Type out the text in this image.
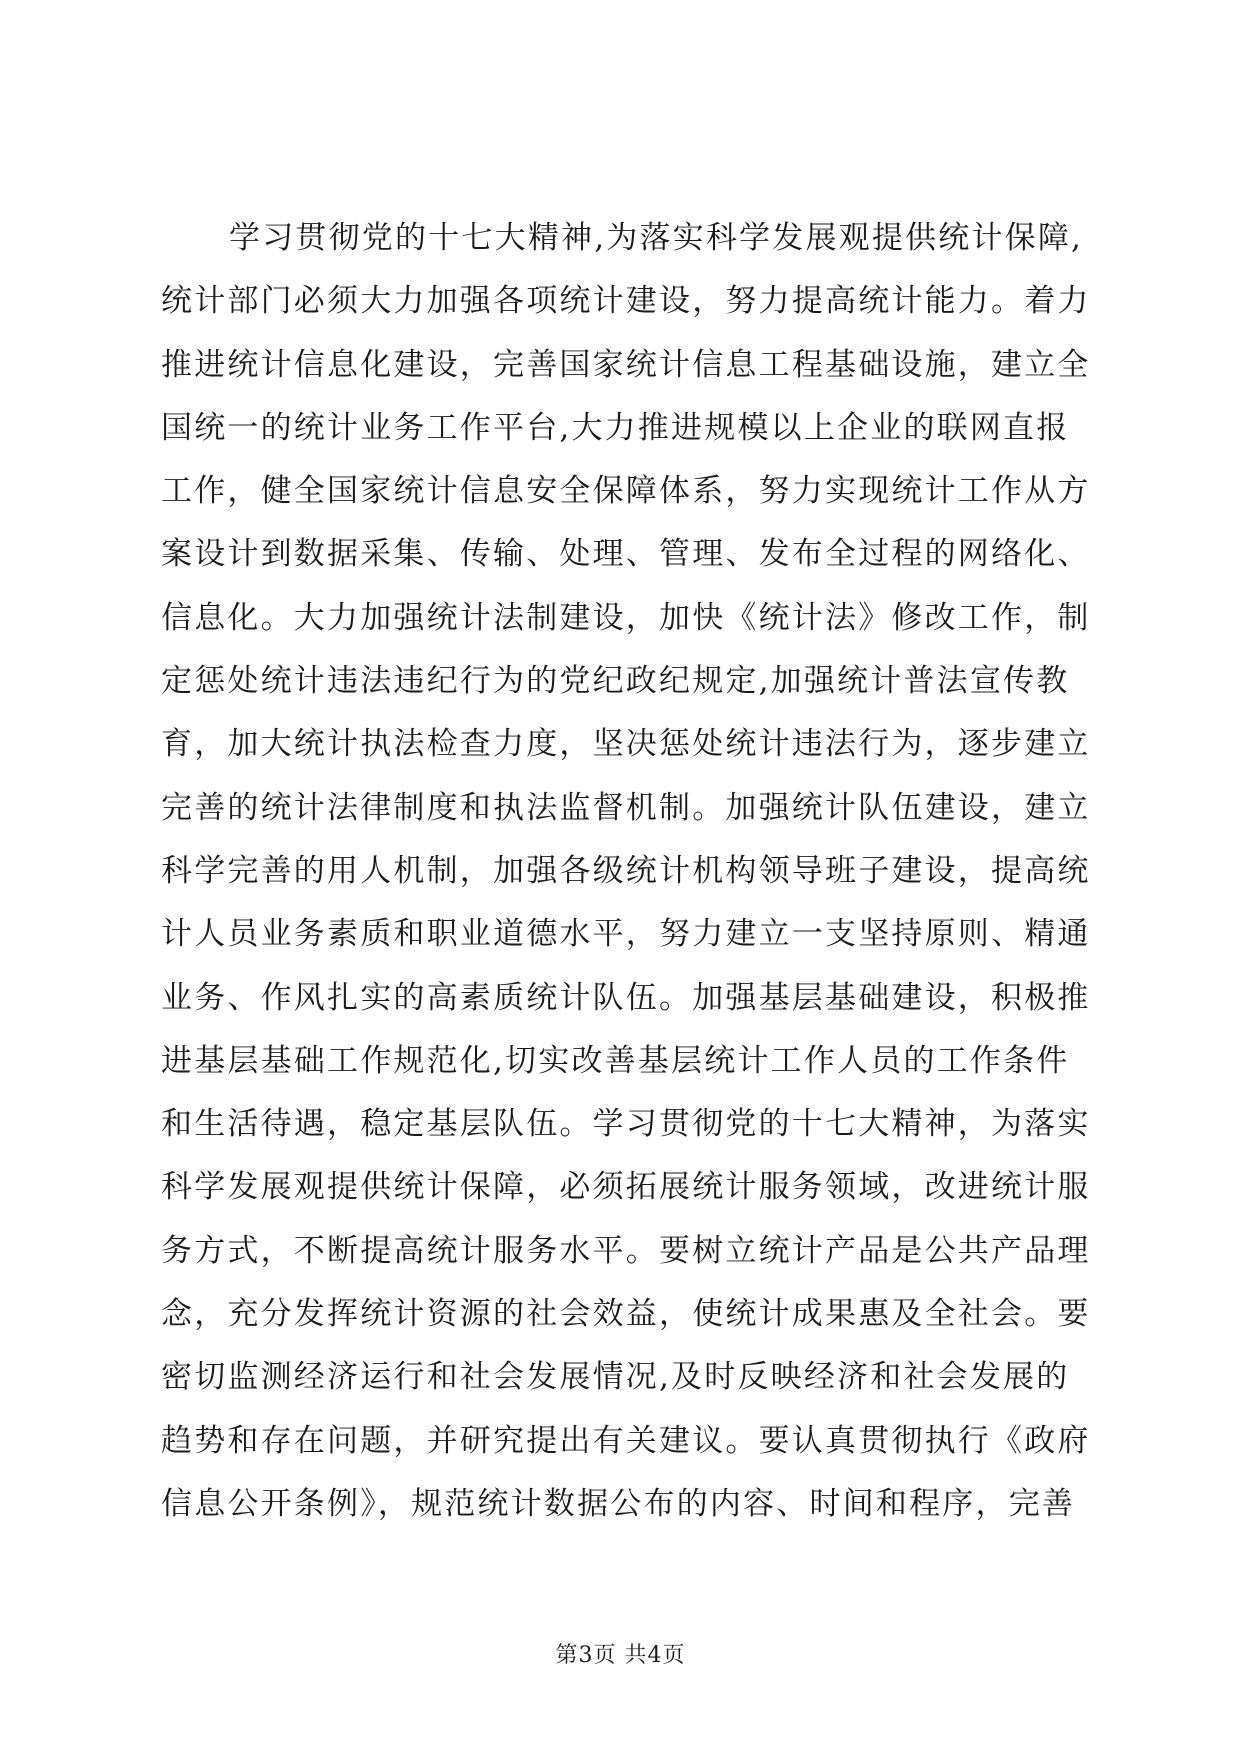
学习贯彻党的十七大精神,为落实科学发展观提供统计保障,
统计部门必须大力加强各项统计建设，努力提高统计能力。着力
推进统计信息化建设，完善国家统计信息工程基础设施，建立全
国统一的统计业务工作平台,大力推进规模以上企业的联网直报
工作，健全国家统计信息安全保障体系，努力实现统计工作从方
案设计到数据采集、传输、处理、管理、发布全过程的网络化、
信息化。大力加强统计法制建设，加快《统计法》修改工作，制
定惩处统计违法违纪行为的党纪政纪规定,加强统计普法宣传教
育，加大统计执法检查力度，坚决惩处统计违法行为，逐步建立
完善的统计法律制度和执法监督机制。加强统计队伍建设，建立
科学完善的用人机制，加强各级统计机构领导班子建设，提高统
计人员业务素质和职业道德水平，努力建立一支坚持原则、精通
业务、作风扎实的高素质统计队伍。加强基层基础建设，积极推
进基层基础工作规范化,切实改善基层统计工作人员的工作条件
和生活待遇，稳定基层队伍。学习贯彻党的十七大精神，为落实
科学发展观提供统计保障，必须拓展统计服务领域，改进统计服
务方式，不断提高统计服务水平。要树立统计产品是公共产品理
念，充分发挥统计资源的社会效益，使统计成果惠及全社会。要
密切监测经济运行和社会发展情况,及时反映经济和社会发展的
趋势和存在问题，并研究提出有关建议。要认真贯彻执行《政府
信息公开条例》，规范统计数据公布的内容、时间和程序，完善
第3页 共4页
